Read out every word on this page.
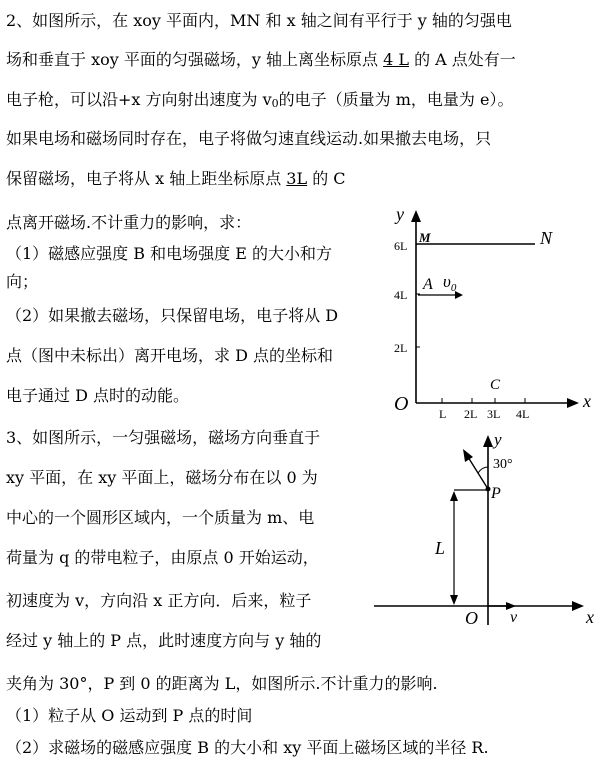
2、如图所示，在 xoy 平面内，MN 和 x 轴之间有平行于 y 轴的匀强电
场和垂直于 xoy 平面的匀强磁场，y 轴上离坐标原点 4 L 的 A 点处有一
电子枪，可以沿+x 方向射出速度为 $v_0$的电子（质量为 m，电量为 e）。
如果电场和磁场同时存在，电子将做匀速直线运动.如果撤去电场，只
保留磁场，电子将从 x 轴上距坐标原点 3L 的 C
点离开磁场.不计重力的影响，求：
（1）磁感应强度 B 和电场强度 E 的大小和方
向；
（2）如果撤去磁场，只保留电场，电子将从 D
点（图中未标出）离开电场，求 D 点的坐标和
电子通过 D 点时的动能。
y
x
O
6L
4L
2L
M	N
A $\upsilon_0$
C
L 2L 3L 4L
3、如图所示，一匀强磁场，磁场方向垂直于
xy 平面，在 xy 平面上，磁场分布在以 0 为
中心的一个圆形区域内，一个质量为 m、电
荷量为 q 的带电粒子，由原点 0 开始运动，
初速度为 v，方向沿 x 正方向．后来，粒子
经过 y 轴上的 P 点，此时速度方向与 y 轴的
夹角为 30°，P 到 0 的距离为 L，如图所示.不计重力的影响.
（1）粒子从 O 运动到 P 点的时间
（2）求磁场的磁感应强度 B 的大小和 xy 平面上磁场区域的半径 R.
y
x
O
P
v
L
30°
